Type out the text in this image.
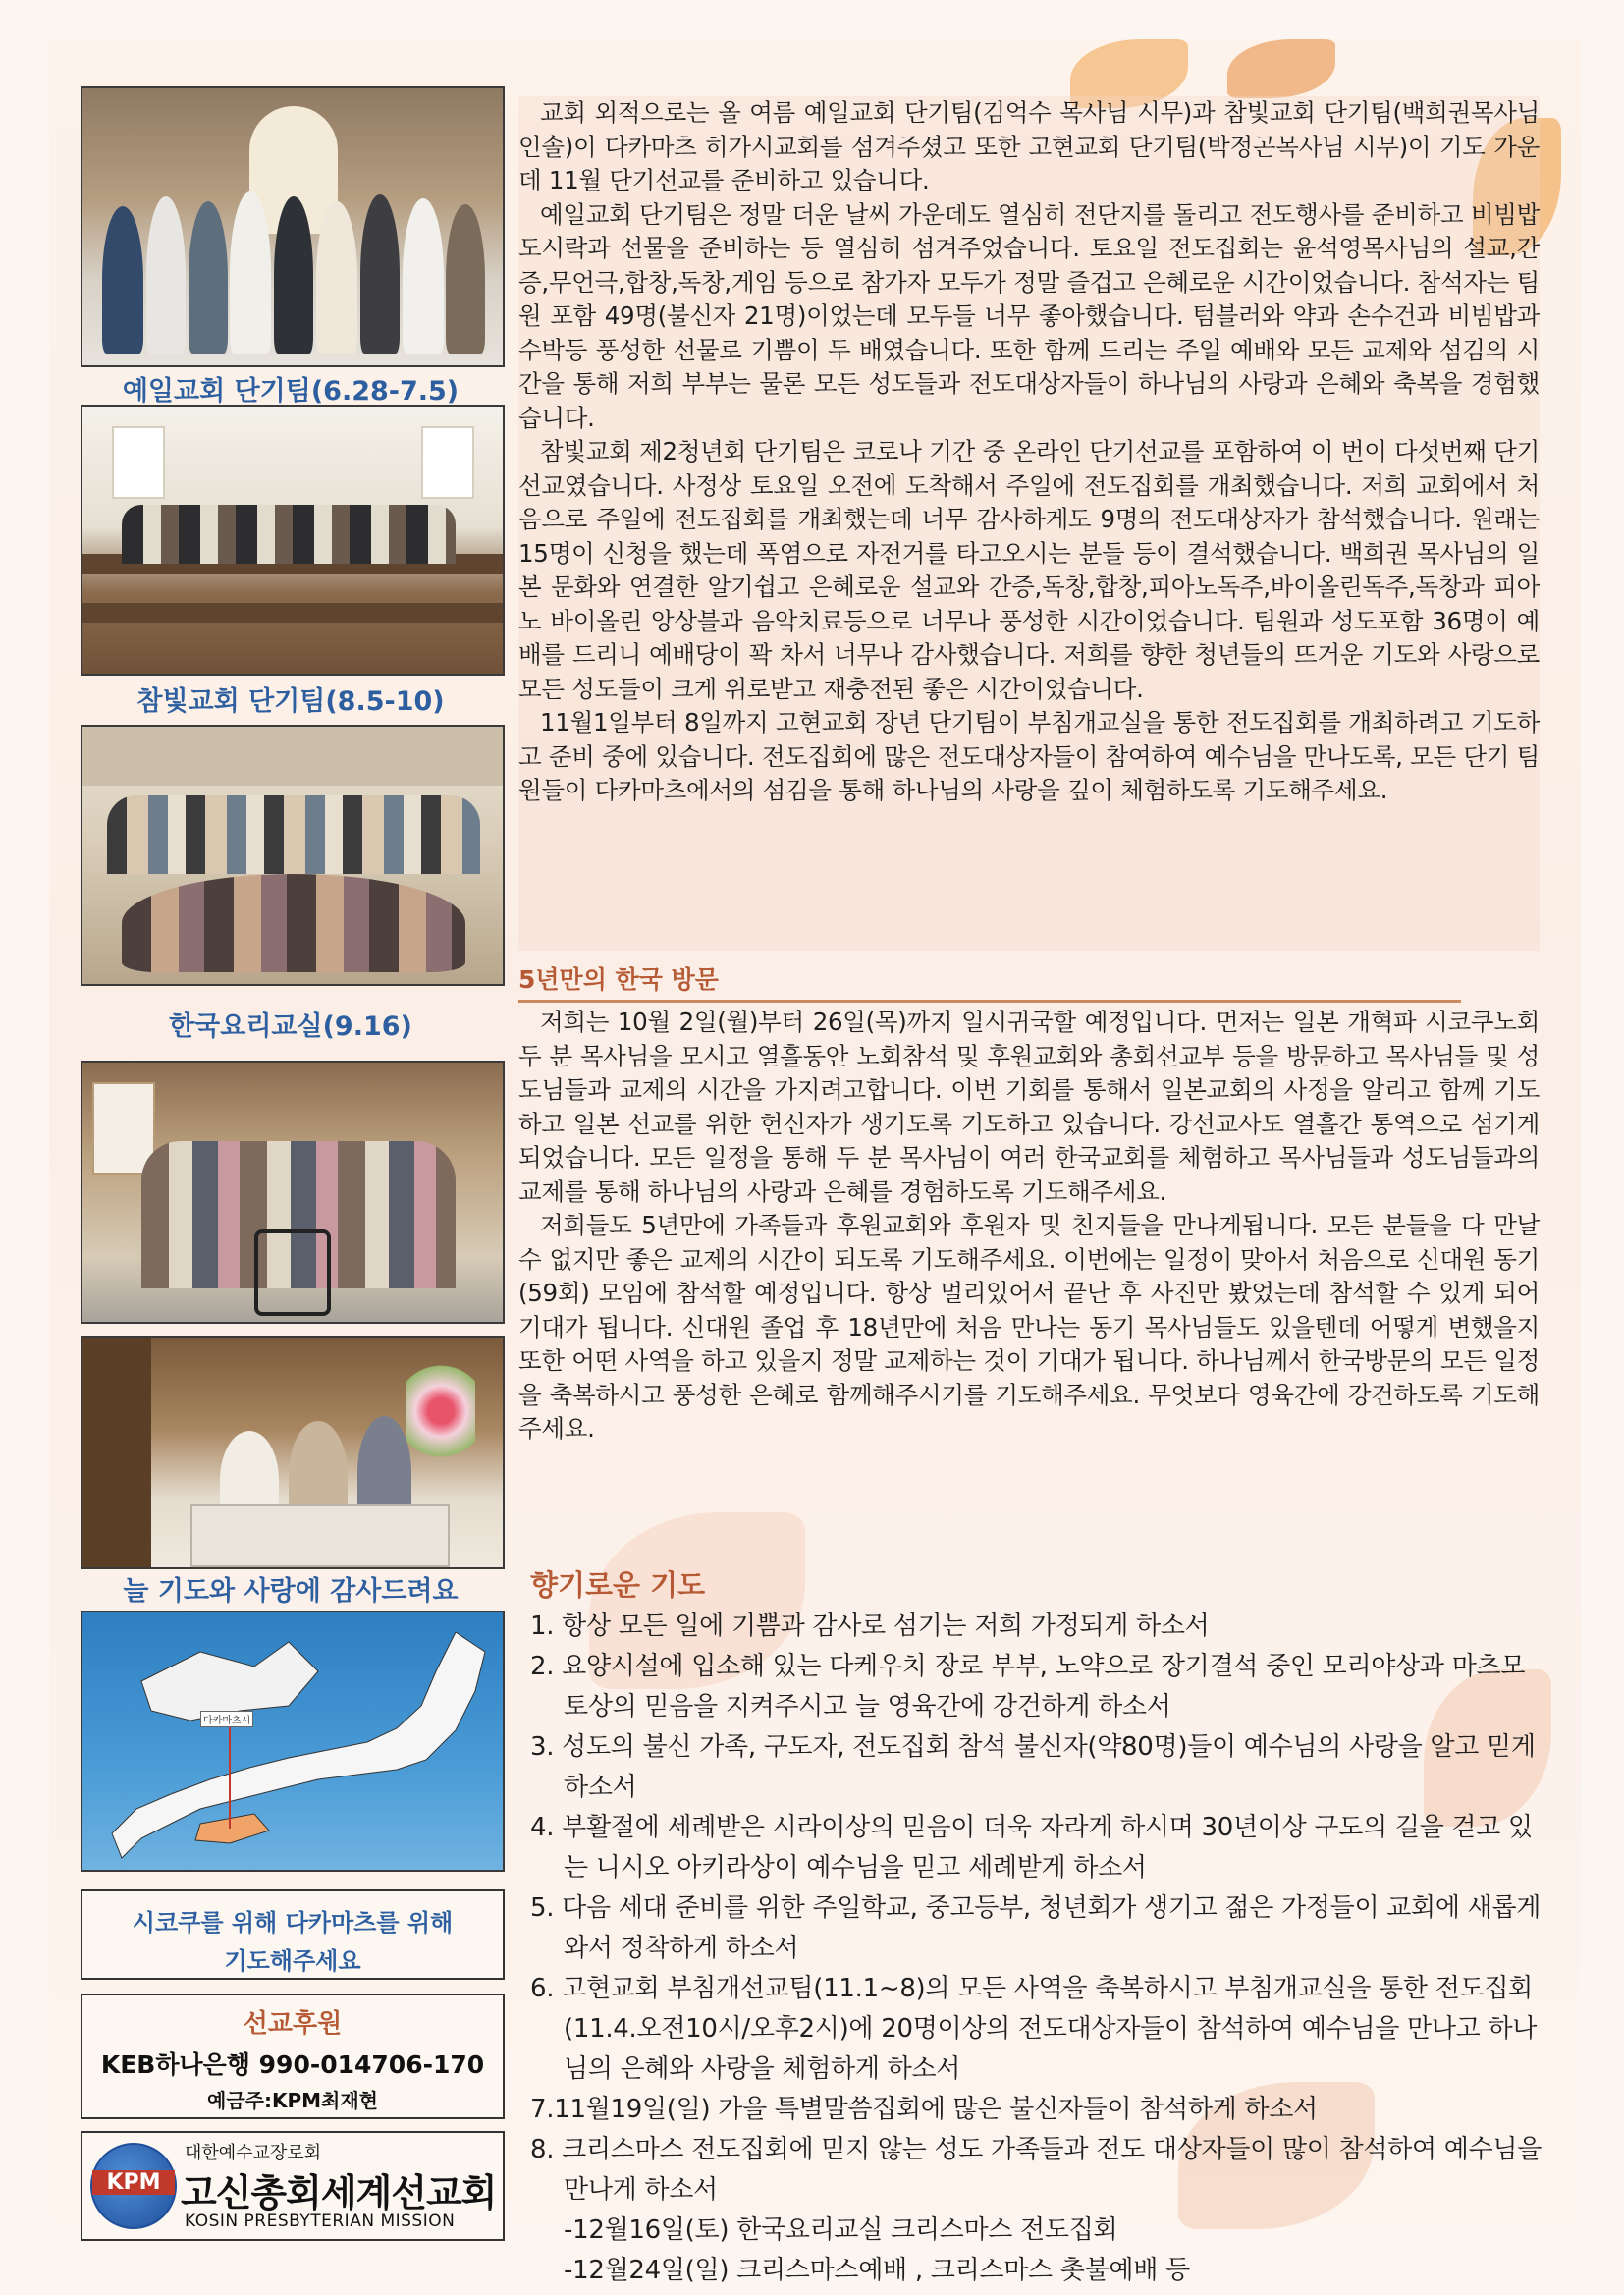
예일교회 단기팀(6.28-7.5)
참빛교회 단기팀(8.5-10)
한국요리교실(9.16)
늘 기도와 사랑에 감사드려요
다카마츠시
시코쿠를 위해 다카마츠를 위해
기도해주세요
선교후원
KEB하나은행 990-014706-170
예금주:KPM최재현
KPM
대한예수교장로회
고신총회세계선교회
KOSIN PRESBYTERIAN MISSION

교회 외적으로는 올 여름 예일교회 단기팀(김억수 목사님 시무)과 참빛교회 단기팀(백희권목사님 인솔)이 다카마츠 히가시교회를 섬겨주셨고 또한 고현교회 단기팀(박정곤목사님 시무)이 기도 가운데 11월 단기선교를 준비하고 있습니다.

예일교회 단기팀은 정말 더운 날씨 가운데도 열심히 전단지를 돌리고 전도행사를 준비하고 비빔밥 도시락과 선물을 준비하는 등 열심히 섬겨주었습니다. 토요일 전도집회는 윤석영목사님의 설교,간증,무언극,합창,독창,게임 등으로 참가자 모두가 정말 즐겁고 은혜로운 시간이었습니다. 참석자는 팀원 포함 49명(불신자 21명)이었는데 모두들 너무 좋아했습니다. 텀블러와 약과 손수건과 비빔밥과 수박등 풍성한 선물로 기쁨이 두 배였습니다. 또한 함께 드리는 주일 예배와 모든 교제와 섬김의 시간을 통해 저희 부부는 물론 모든 성도들과 전도대상자들이 하나님의 사랑과 은혜와 축복을 경험했습니다.

참빛교회 제2청년회 단기팀은 코로나 기간 중 온라인 단기선교를 포함하여 이 번이 다섯번째 단기선교였습니다. 사정상 토요일 오전에 도착해서 주일에 전도집회를 개최했습니다. 저희 교회에서 처음으로 주일에 전도집회를 개최했는데 너무 감사하게도 9명의 전도대상자가 참석했습니다. 원래는 15명이 신청을 했는데 폭염으로 자전거를 타고오시는 분들 등이 결석했습니다. 백희권 목사님의 일본 문화와 연결한 알기쉽고 은혜로운 설교와 간증,독창,합창,피아노독주,바이올린독주,독창과 피아노 바이올린 앙상블과 음악치료등으로 너무나 풍성한 시간이었습니다. 팀원과 성도포함 36명이 예배를 드리니 예배당이 꽉 차서 너무나 감사했습니다. 저희를 향한 청년들의 뜨거운 기도와 사랑으로 모든 성도들이 크게 위로받고 재충전된 좋은 시간이었습니다.

11월1일부터 8일까지 고현교회 장년 단기팀이 부침개교실을 통한 전도집회를 개최하려고 기도하고 준비 중에 있습니다. 전도집회에 많은 전도대상자들이 참여하여 예수님을 만나도록, 모든 단기 팀원들이 다카마츠에서의 섬김을 통해 하나님의 사랑을 깊이 체험하도록 기도해주세요.

5년만의 한국 방문

저희는 10월 2일(월)부터 26일(목)까지 일시귀국할 예정입니다. 먼저는 일본 개혁파 시코쿠노회 두 분 목사님을 모시고 열흘동안 노회참석 및 후원교회와 총회선교부 등을 방문하고 목사님들 및 성도님들과 교제의 시간을 가지려고합니다. 이번 기회를 통해서 일본교회의 사정을 알리고 함께 기도하고 일본 선교를 위한 헌신자가 생기도록 기도하고 있습니다. 강선교사도 열흘간 통역으로 섬기게 되었습니다. 모든 일정을 통해 두 분 목사님이 여러 한국교회를 체험하고 목사님들과 성도님들과의 교제를 통해 하나님의 사랑과 은혜를 경험하도록 기도해주세요.

저희들도 5년만에 가족들과 후원교회와 후원자 및 친지들을 만나게됩니다. 모든 분들을 다 만날 수 없지만 좋은 교제의 시간이 되도록 기도해주세요. 이번에는 일정이 맞아서 처음으로 신대원 동기(59회) 모임에 참석할 예정입니다. 항상 멀리있어서 끝난 후 사진만 봤었는데 참석할 수 있게 되어 기대가 됩니다. 신대원 졸업 후 18년만에 처음 만나는 동기 목사님들도 있을텐데 어떻게 변했을지 또한 어떤 사역을 하고 있을지 정말 교제하는 것이 기대가 됩니다. 하나님께서 한국방문의 모든 일정을 축복하시고 풍성한 은혜로 함께해주시기를 기도해주세요. 무엇보다 영육간에 강건하도록 기도해주세요.

향기로운 기도
1. 항상 모든 일에 기쁨과 감사로 섬기는 저희 가정되게 하소서
2. 요양시설에 입소해 있는 다케우치 장로 부부, 노약으로 장기결석 중인 모리야상과 마츠모토상의 믿음을 지켜주시고 늘 영육간에 강건하게 하소서
3. 성도의 불신 가족, 구도자, 전도집회 참석 불신자(약80명)들이 예수님의 사랑을 알고 믿게 하소서
4. 부활절에 세례받은 시라이상의 믿음이 더욱 자라게 하시며 30년이상 구도의 길을 걷고 있는 니시오 아키라상이 예수님을 믿고 세례받게 하소서
5. 다음 세대 준비를 위한 주일학교, 중고등부, 청년회가 생기고 젊은 가정들이 교회에 새롭게 와서 정착하게 하소서
6. 고현교회 부침개선교팀(11.1~8)의 모든 사역을 축복하시고 부침개교실을 통한 전도집회(11.4.오전10시/오후2시)에 20명이상의 전도대상자들이 참석하여 예수님을 만나고 하나님의 은혜와 사랑을 체험하게 하소서
7.11월19일(일) 가을 특별말씀집회에 많은 불신자들이 참석하게 하소서
8. 크리스마스 전도집회에 믿지 않는 성도 가족들과 전도 대상자들이 많이 참석하여 예수님을 만나게 하소서
-12월16일(토) 한국요리교실 크리스마스 전도집회
-12월24일(일) 크리스마스예배 , 크리스마스 촛불예배 등
